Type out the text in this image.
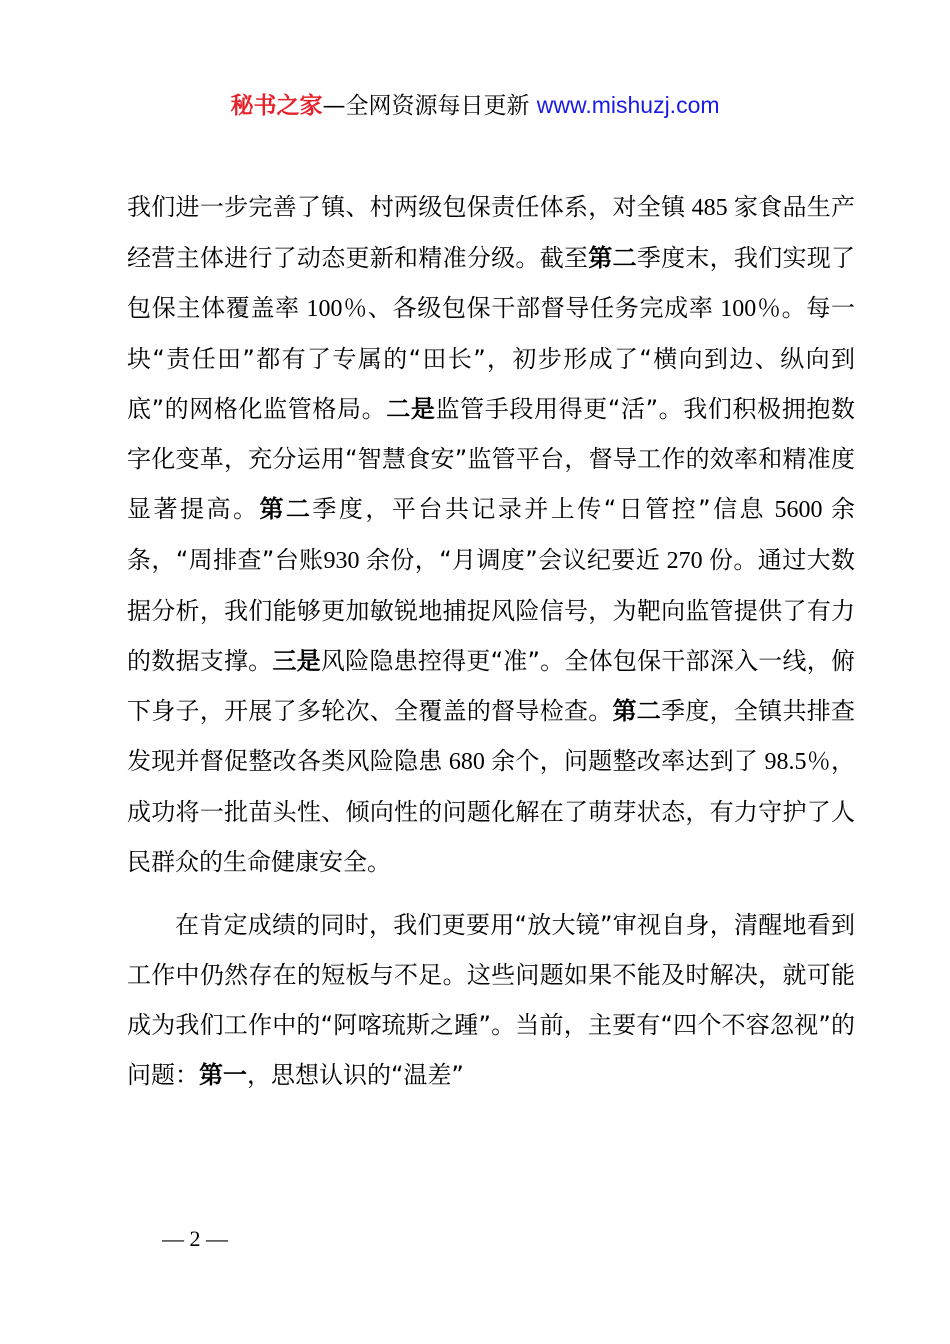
秘书之家—全网资源每日更新 www.mishuzj.com

我们进一步完善了镇、村两级包保责任体系，对全镇 485 家食品生产经营主体进行了动态更新和精准分级。截至第二季度末，我们实现了包保主体覆盖率 100％、各级包保干部督导任务完成率 100％。每一块“责任田”都有了专属的“田长”，初步形成了“横向到边、纵向到底”的网格化监管格局。二是监管手段用得更“活”。我们积极拥抱数字化变革，充分运用“智慧食安”监管平台，督导工作的效率和精准度显著提高。第二季度，平台共记录并上传“日管控”信息 5600 余条，“周排查”台账930 余份，“月调度”会议纪要近 270 份。通过大数据分析，我们能够更加敏锐地捕捉风险信号，为靶向监管提供了有力的数据支撑。三是风险隐患控得更“准”。全体包保干部深入一线，俯下身子，开展了多轮次、全覆盖的督导检查。第二季度，全镇共排查发现并督促整改各类风险隐患 680 余个，问题整改率达到了 98.5％，成功将一批苗头性、倾向性的问题化解在了萌芽状态，有力守护了人民群众的生命健康安全。

在肯定成绩的同时，我们更要用“放大镜”审视自身，清醒地看到工作中仍然存在的短板与不足。这些问题如果不能及时解决，就可能成为我们工作中的“阿喀琉斯之踵”。当前，主要有“四个不容忽视”的问题：第一，思想认识的“温差”

— 2 —
